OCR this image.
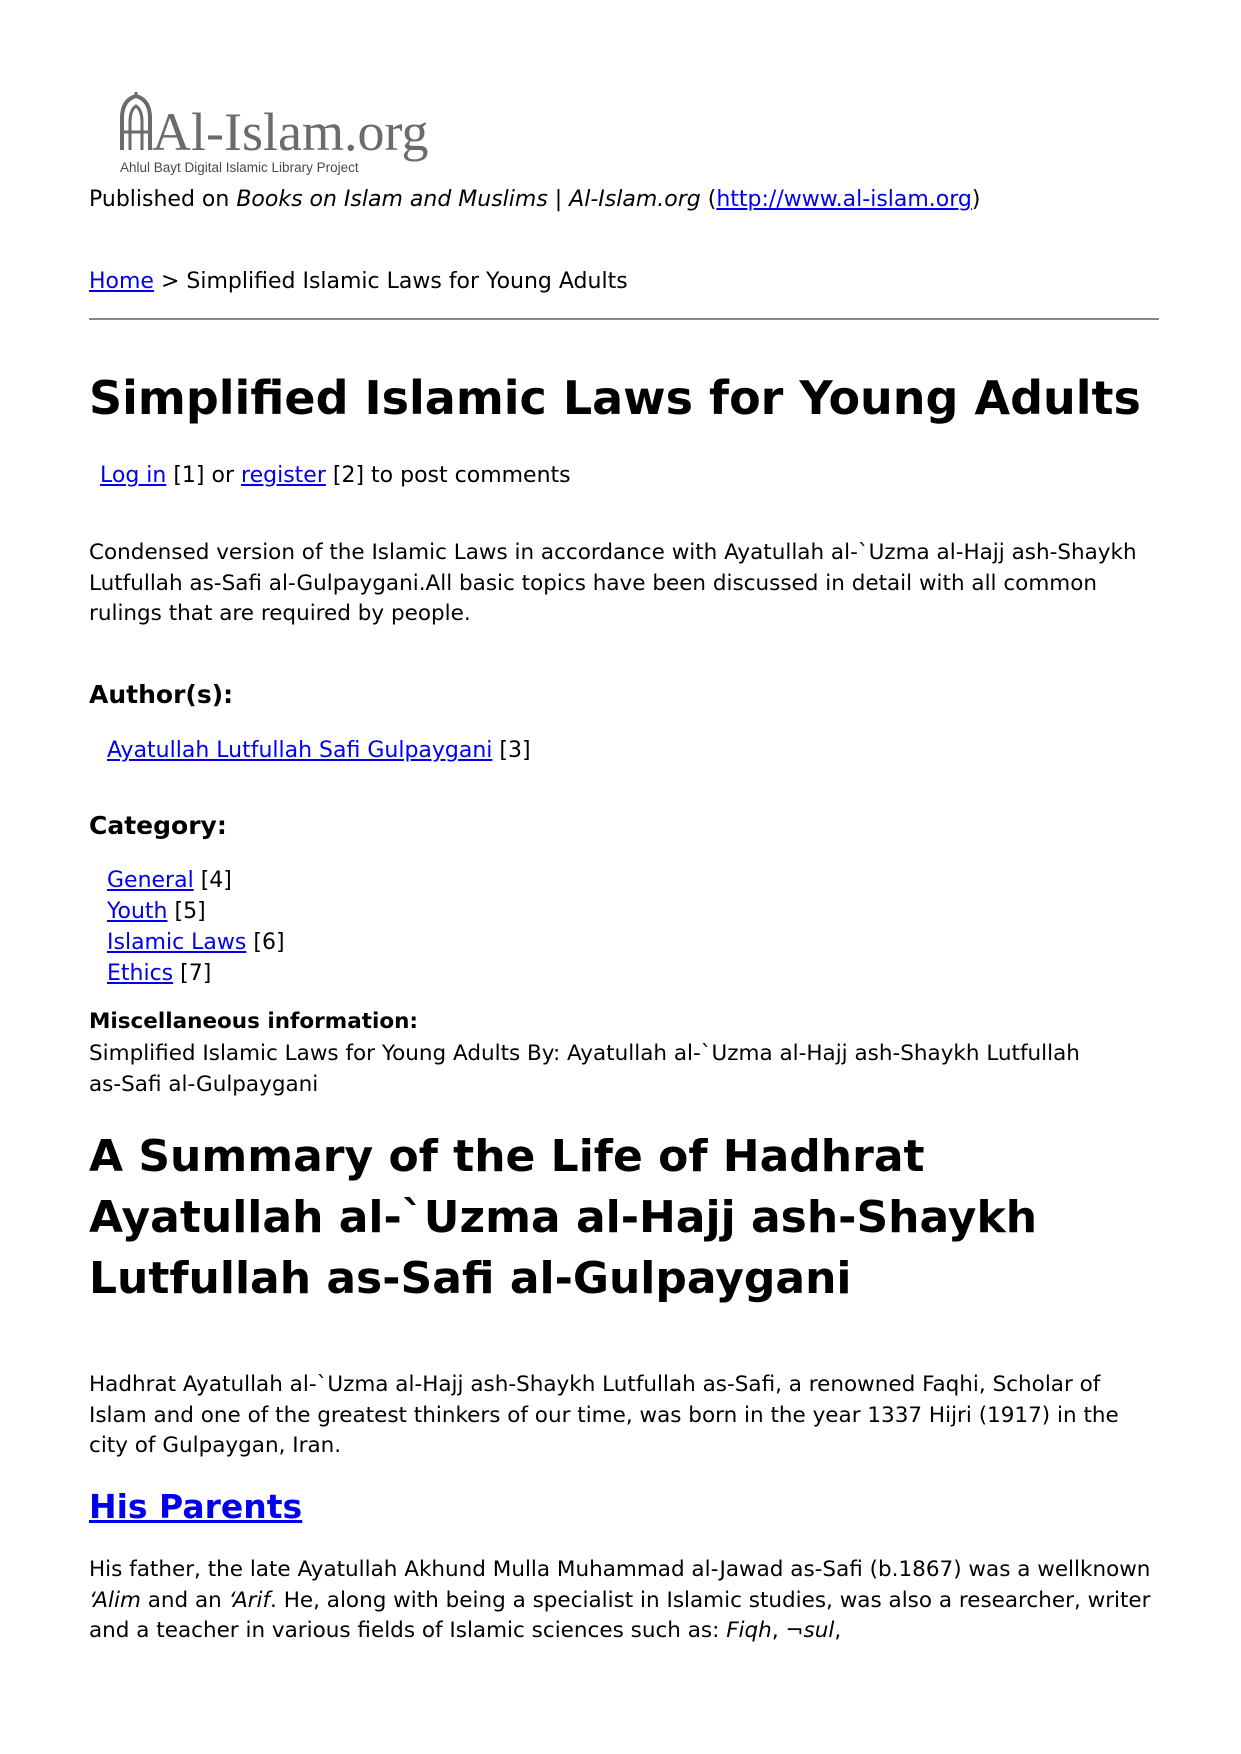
Al-Islam.org
Ahlul Bayt Digital Islamic Library Project
Published on Books on Islam and Muslims | Al-Islam.org (http://www.al-islam.org)
Home > Simplified Islamic Laws for Young Adults
Simplified Islamic Laws for Young Adults
Log in [1] or register [2] to post comments

Condensed version of the Islamic Laws in accordance with Ayatullah al-`Uzma al-Hajj ash-Shaykh Lutfullah as-Safi al-Gulpaygani.All basic topics have been discussed in detail with all common rulings that are required by people.

Author(s):
Ayatullah Lutfullah Safi Gulpaygani [3]
Category:
General [4]
Youth [5]
Islamic Laws [6]
Ethics [7]
Miscellaneous information:

Simplified Islamic Laws for Young Adults By: Ayatullah al-`Uzma al-Hajj ash-Shaykh Lutfullah as-Safi al-Gulpaygani

A Summary of the Life of Hadhrat Ayatullah al-`Uzma al-Hajj ash-Shaykh Lutfullah as-Safi al-Gulpaygani

Hadhrat Ayatullah al-`Uzma al-Hajj ash-Shaykh Lutfullah as-Safi, a renowned Faqhi, Scholar of Islam and one of the greatest thinkers of our time, was born in the year 1337 Hijri (1917) in the city of Gulpaygan, Iran.

His Parents

His father, the late Ayatullah Akhund Mulla Muhammad al-Jawad as-Safi (b.1867) was a wellknown ‘Alim and an ‘Arif. He, along with being a specialist in Islamic studies, was also a researcher, writer and a teacher in various fields of Islamic sciences such as: Fiqh, ¬sul,
